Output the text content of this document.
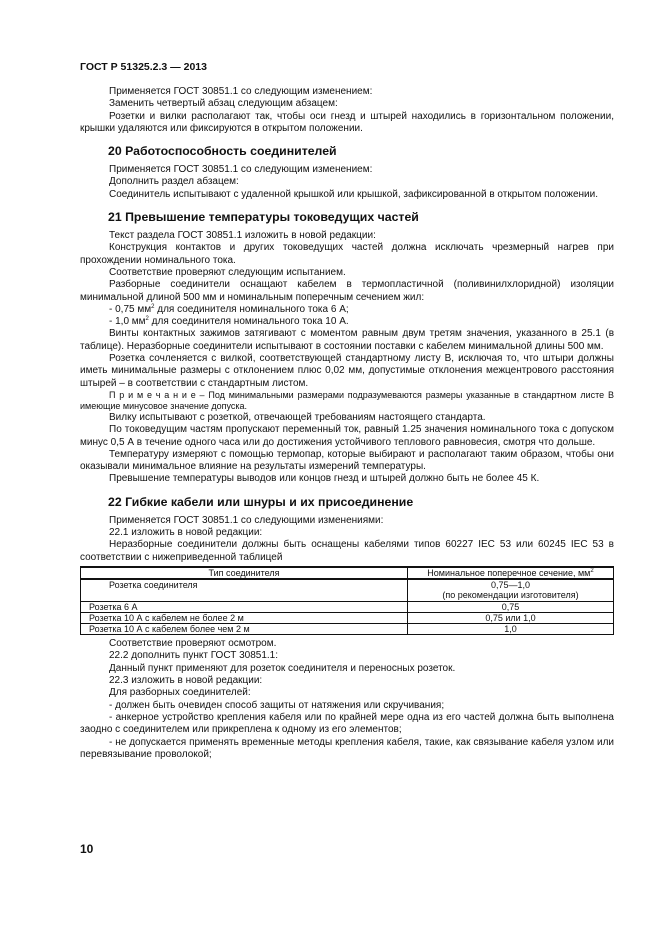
ГОСТ Р 51325.2.3 — 2013

Применяется ГОСТ 30851.1 со следующим изменением:

Заменить четвертый абзац следующим абзацем:

Розетки и вилки располагают так, чтобы оси гнезд и штырей находились в горизонтальном положении, крышки удаляются или фиксируются в открытом положении.

20 Работоспособность соединителей

Применяется ГОСТ 30851.1 со следующим изменением:

Дополнить раздел абзацем:

Соединитель испытывают с удаленной крышкой или крышкой, зафиксированной в открытом положении.

21 Превышение температуры токоведущих частей

Текст раздела ГОСТ 30851.1 изложить в новой редакции:

Конструкция контактов и других токоведущих частей должна исключать чрезмерный нагрев при прохождении номинального тока.

Соответствие проверяют следующим испытанием.

Разборные соединители оснащают кабелем в термопластичной (поливинилхлоридной) изоляции минимальной длиной 500 мм и номинальным поперечным сечением жил:

- 0,75 $мм^2$ для соединителя номинального тока 6 А;

- 1,0 $мм^2$ для соединителя номинального тока 10 А.

Винты контактных зажимов затягивают с моментом равным двум третям значения, указанного в 25.1 (в таблице). Неразборные соединители испытывают в состоянии поставки с кабелем минимальной длины 500 мм.

Розетка сочленяется с вилкой, соответствующей стандартному листу В, исключая то, что штыри должны иметь минимальные размеры с отклонением плюс 0,02 мм, допустимые отклонения межцентрового расстояния штырей – в соответствии с стандартным листом.

П р и м е ч а н и е – Под минимальными размерами подразумеваются размеры указанные в стандартном листе В имеющие минусовое значение допуска.

Вилку испытывают с розеткой, отвечающей требованиям настоящего стандарта.

По токоведущим частям пропускают переменный ток, равный 1.25 значения номинального тока с допуском минус 0,5 А в течение одного часа или до достижения устойчивого теплового равновесия, смотря что дольше.

Температуру измеряют с помощью термопар, которые выбирают и располагают таким образом, чтобы они оказывали минимальное влияние на результаты измерений температуры.

Превышение температуры выводов или концов гнезд и штырей должно быть не более 45 К.

22 Гибкие кабели или шнуры и их присоединение

Применяется ГОСТ 30851.1 со следующими изменениями:

22.1 изложить в новой редакции:

Неразборные соединители должны быть оснащены кабелями типов 60227 IEC 53 или 60245 IEC 53 в соответствии с нижеприведенной таблицей

Тип соединителя	Номинальное поперечное сечение, $мм^2$
Розетка соединителя	0,75—1,0
(по рекомендации изготовителя)

Розетка 6 А	0,75
Розетка 10 А с кабелем не более 2 м	0,75 или 1,0
Розетка 10 А с кабелем более чем 2 м	1,0

Соответствие проверяют осмотром.

22.2 дополнить пункт ГОСТ 30851.1:

Данный пункт применяют для розеток соединителя и переносных розеток.

22.3 изложить в новой редакции:

Для разборных соединителей:

- должен быть очевиден способ защиты от натяжения или скручивания;

- анкерное устройство крепления кабеля или по крайней мере одна из его частей должна быть выполнена заодно с соединителем или прикреплена к одному из его элементов;

- не допускается применять временные методы крепления кабеля, такие, как связывание кабеля узлом или перевязывание проволокой;

10
